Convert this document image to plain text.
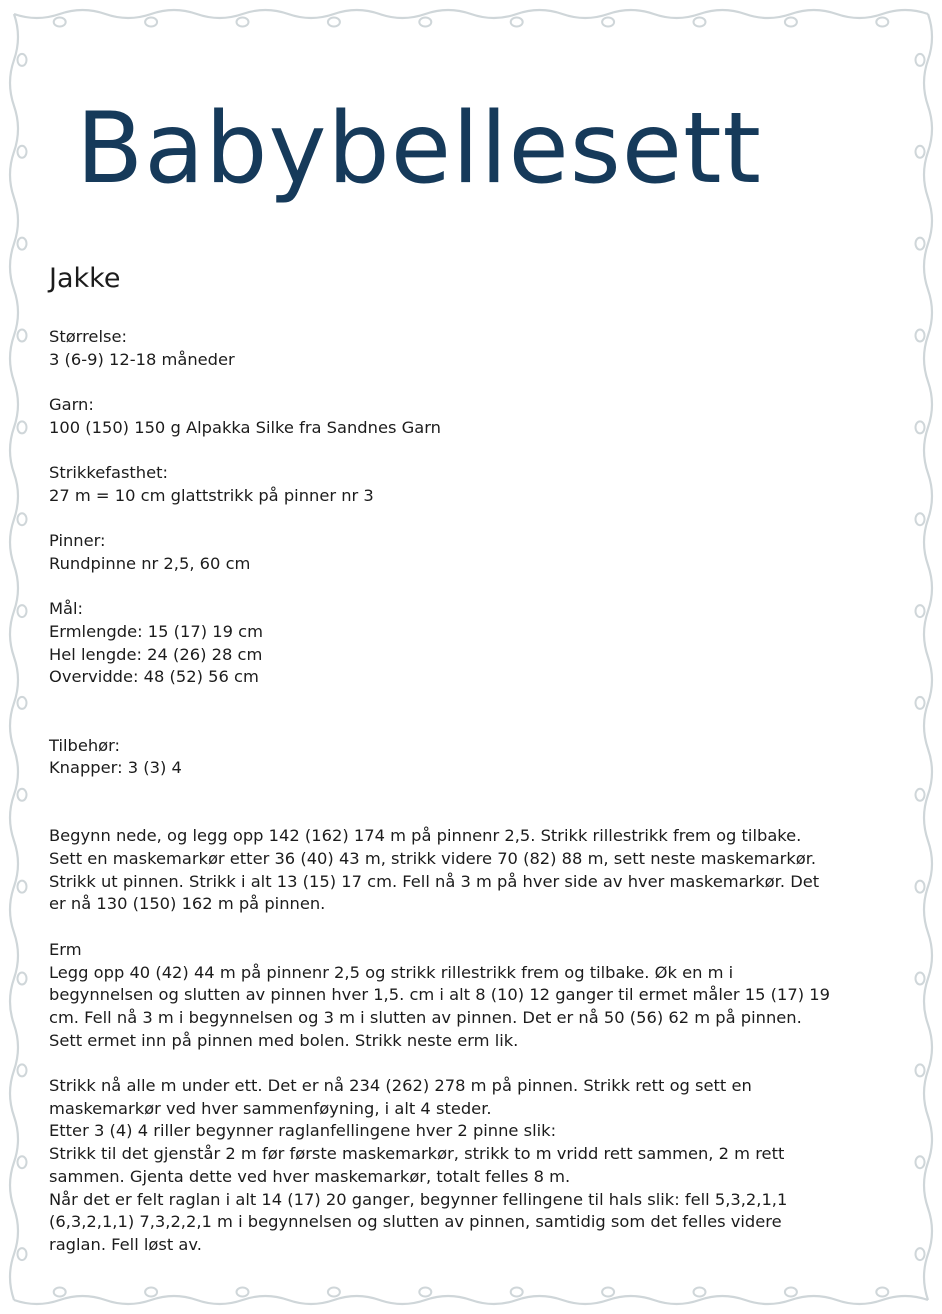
Babybellesett
Jakke

Størrelse:

3 (6-9) 12-18 måneder

Garn:

100 (150) 150 g Alpakka Silke fra Sandnes Garn

Strikkefasthet:

27 m = 10 cm glattstrikk på pinner nr 3

Pinner:

Rundpinne nr 2,5, 60 cm

Mål:

Ermlengde: 15 (17) 19 cm

Hel lengde: 24 (26) 28 cm

Overvidde: 48 (52) 56 cm

Tilbehør:

Knapper: 3 (3) 4

Begynn nede, og legg opp 142 (162) 174 m på pinnenr 2,5. Strikk rillestrikk frem og tilbake.

Sett en maskemarkør etter 36 (40) 43 m, strikk videre 70 (82) 88 m, sett neste maskemarkør.

Strikk ut pinnen. Strikk i alt 13 (15) 17 cm. Fell nå 3 m på hver side av hver maskemarkør. Det

er nå 130 (150) 162 m på pinnen.

Erm

Legg opp 40 (42) 44 m på pinnenr 2,5 og strikk rillestrikk frem og tilbake. Øk en m i

begynnelsen og slutten av pinnen hver 1,5. cm i alt 8 (10) 12 ganger til ermet måler 15 (17) 19

cm. Fell nå 3 m i begynnelsen og 3 m i slutten av pinnen. Det er nå 50 (56) 62 m på pinnen.

Sett ermet inn på pinnen med bolen. Strikk neste erm lik.

Strikk nå alle m under ett. Det er nå 234 (262) 278 m på pinnen. Strikk rett og sett en

maskemarkør ved hver sammenføyning, i alt 4 steder.

Etter 3 (4) 4 riller begynner raglanfellingene hver 2 pinne slik:

Strikk til det gjenstår 2 m før første maskemarkør, strikk to m vridd rett sammen, 2 m rett

sammen. Gjenta dette ved hver maskemarkør, totalt felles 8 m.

Når det er felt raglan i alt 14 (17) 20 ganger, begynner fellingene til hals slik: fell 5,3,2,1,1

(6,3,2,1,1) 7,3,2,2,1 m i begynnelsen og slutten av pinnen, samtidig som det felles videre

raglan. Fell løst av.
